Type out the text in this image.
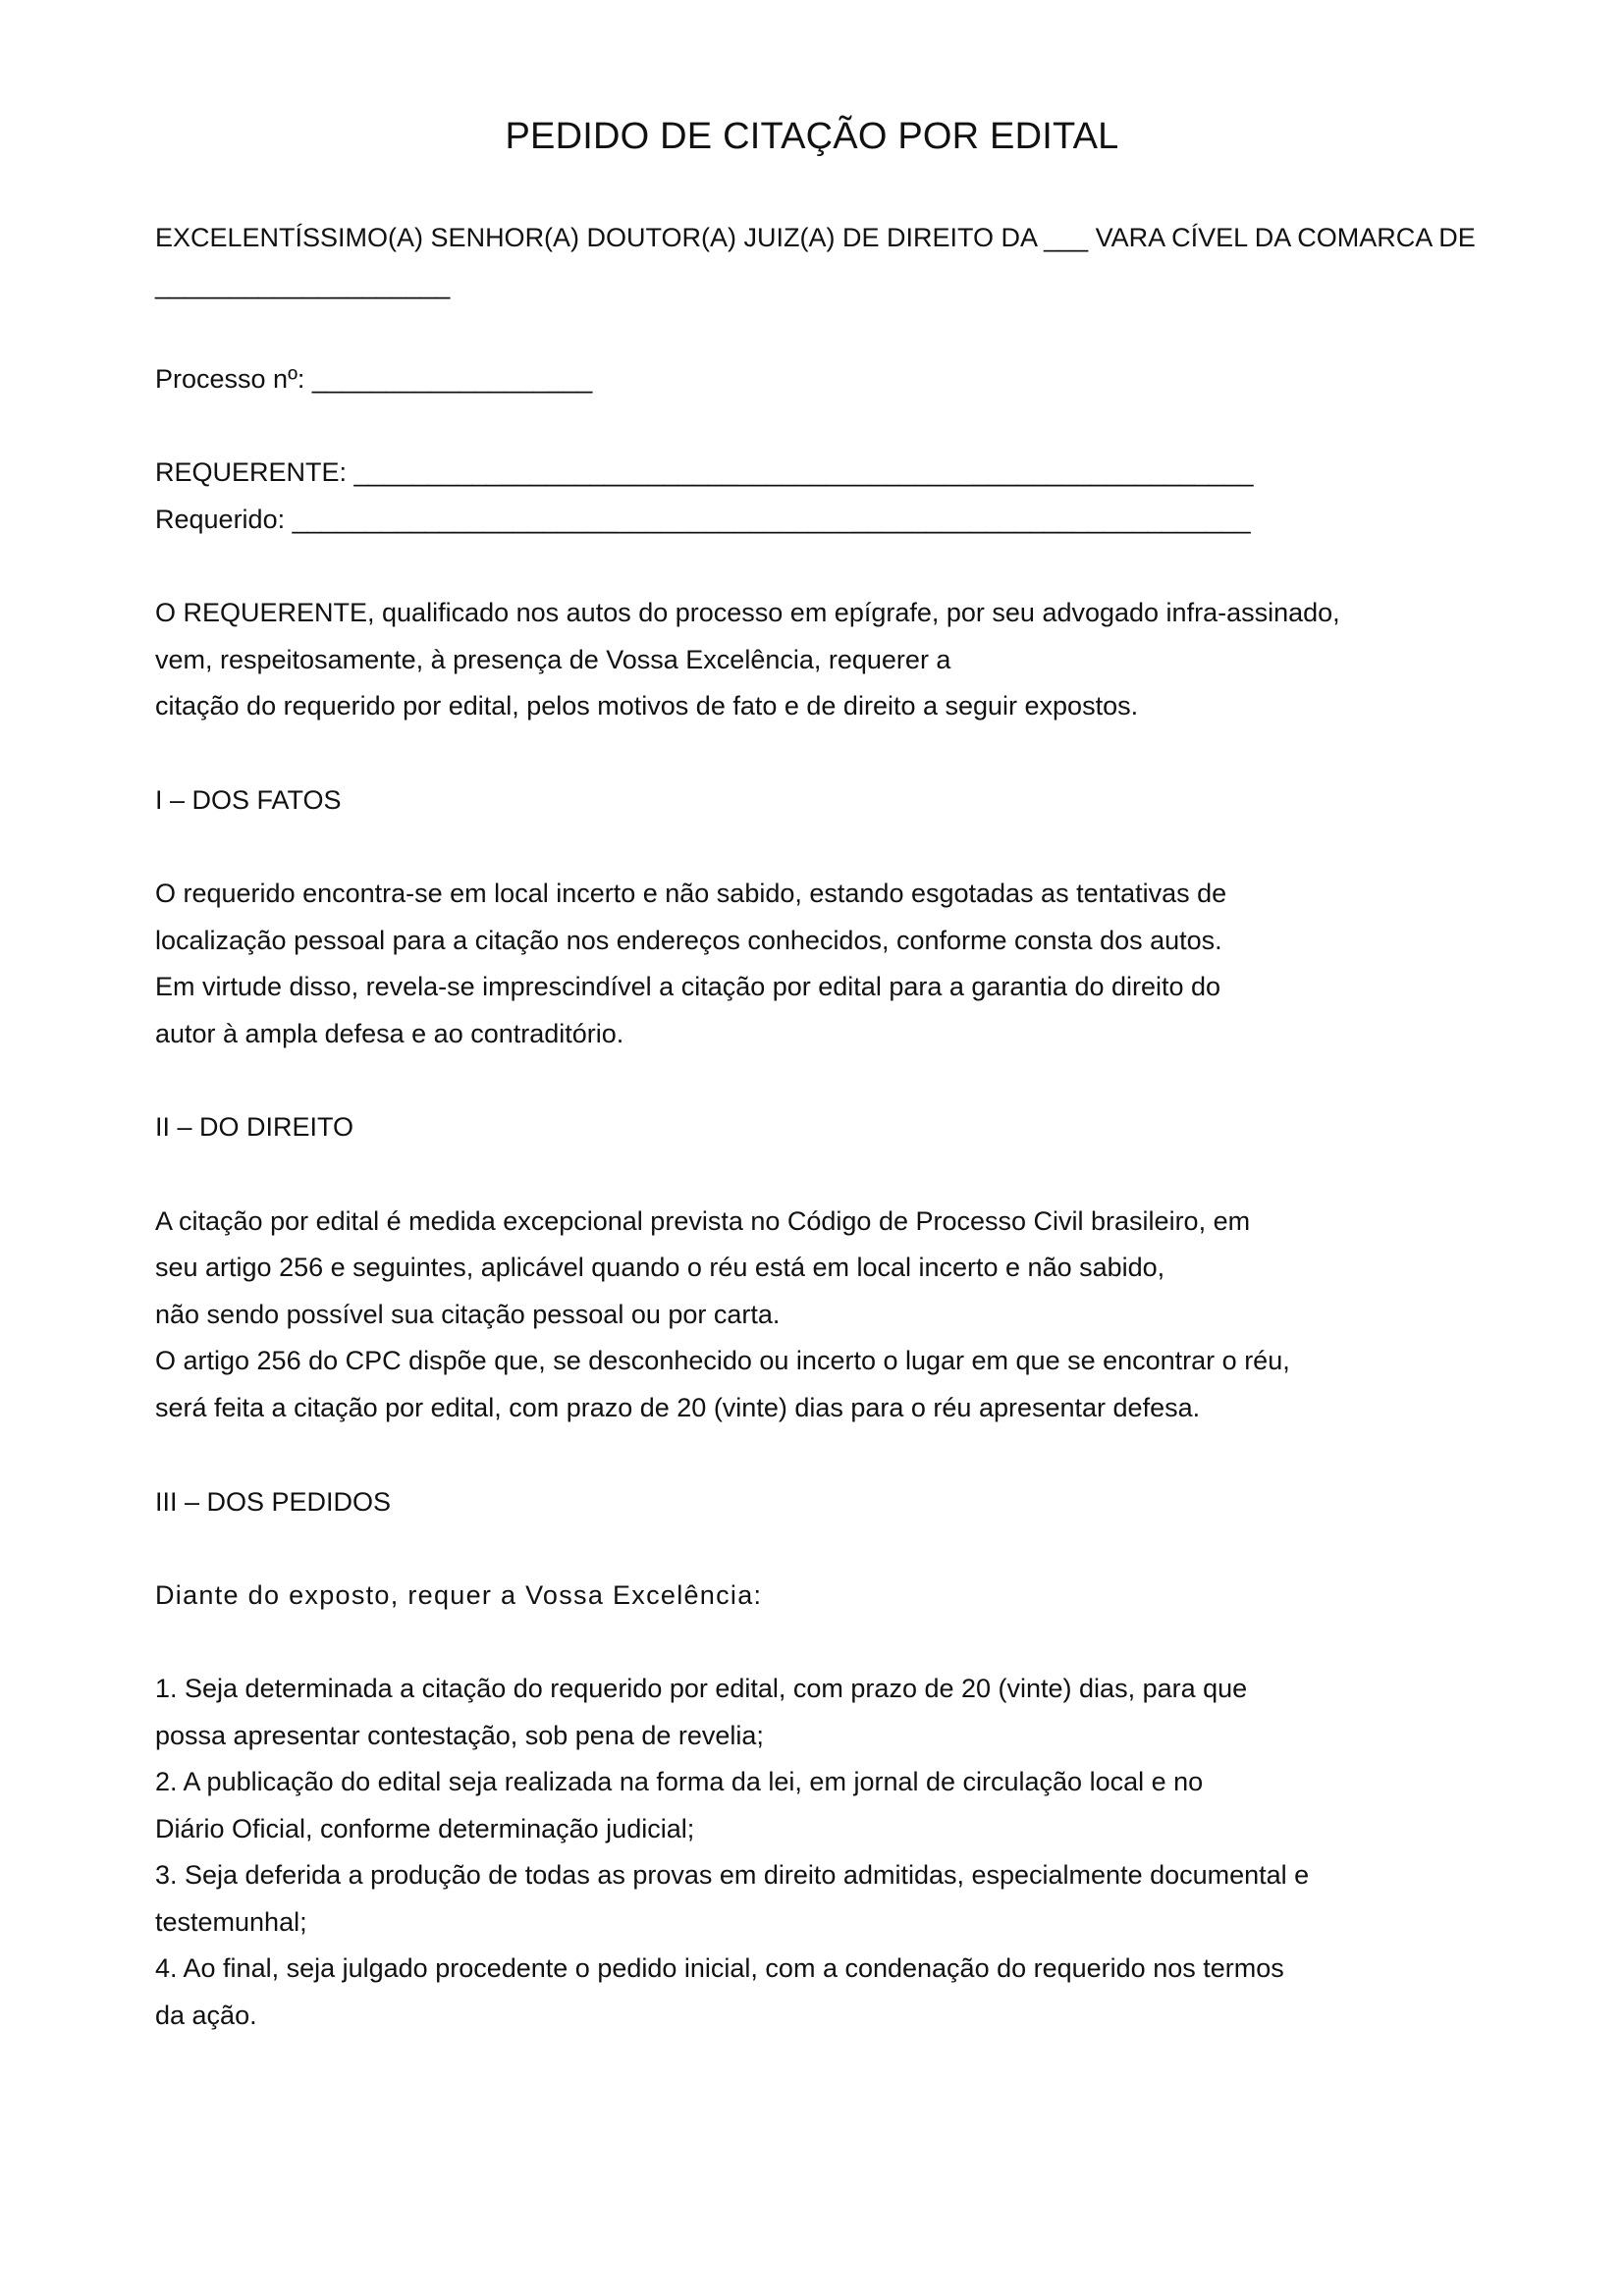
PEDIDO DE CITAÇÃO POR EDITAL

EXCELENTÍSSIMO(A) SENHOR(A) DOUTOR(A) JUIZ(A) DE DIREITO DA ___ VARA CÍVEL DA COMARCA DE

____________________

Processo nº: ___________________

REQUERENTE: _____________________________________________________________

Requerido: _________________________________________________________________

O REQUERENTE, qualificado nos autos do processo em epígrafe, por seu advogado infra-assinado,

vem, respeitosamente, à presença de Vossa Excelência, requerer a

citação do requerido por edital, pelos motivos de fato e de direito a seguir expostos.

I – DOS FATOS

O requerido encontra-se em local incerto e não sabido, estando esgotadas as tentativas de

localização pessoal para a citação nos endereços conhecidos, conforme consta dos autos.

Em virtude disso, revela-se imprescindível a citação por edital para a garantia do direito do

autor à ampla defesa e ao contraditório.

II – DO DIREITO

A citação por edital é medida excepcional prevista no Código de Processo Civil brasileiro, em

seu artigo 256 e seguintes, aplicável quando o réu está em local incerto e não sabido,

não sendo possível sua citação pessoal ou por carta.

O artigo 256 do CPC dispõe que, se desconhecido ou incerto o lugar em que se encontrar o réu,

será feita a citação por edital, com prazo de 20 (vinte) dias para o réu apresentar defesa.

III – DOS PEDIDOS

Diante do exposto, requer a Vossa Excelência:

1. Seja determinada a citação do requerido por edital, com prazo de 20 (vinte) dias, para que

possa apresentar contestação, sob pena de revelia;

2. A publicação do edital seja realizada na forma da lei, em jornal de circulação local e no

Diário Oficial, conforme determinação judicial;

3. Seja deferida a produção de todas as provas em direito admitidas, especialmente documental e

testemunhal;

4. Ao final, seja julgado procedente o pedido inicial, com a condenação do requerido nos termos

da ação.
